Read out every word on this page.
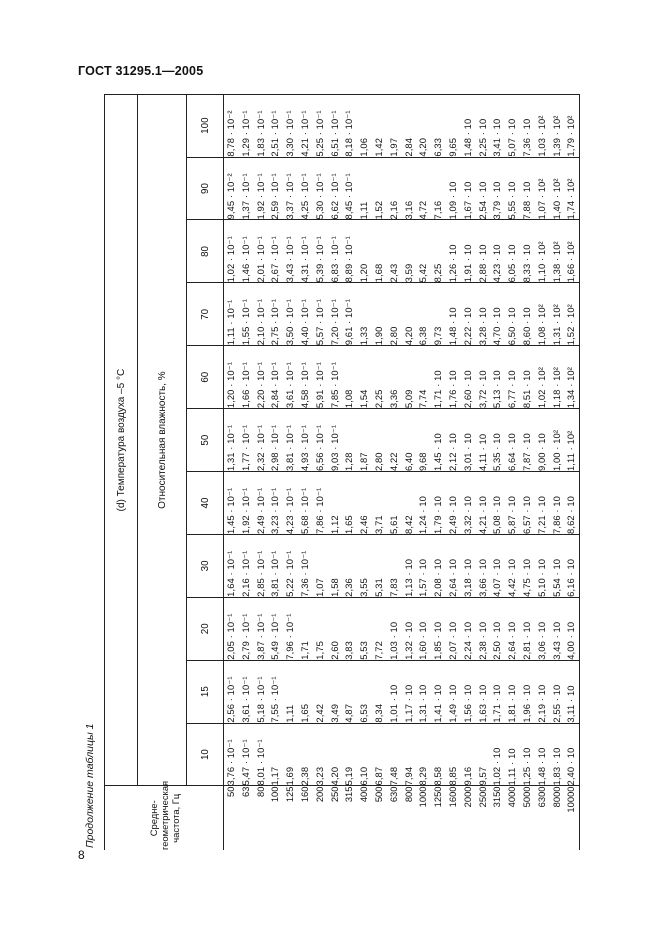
ГОСТ 31295.1—2005
Продолжение таблицы 1	Средне-геометрическая частота, Гц	(d) Температура воздуха –5 °С										
	Относительная влажность, %										
	10	15	20	30	40	50	60	70	80	90	100
50	3,76 · 10⁻¹	2,56 · 10⁻¹	2,05 · 10⁻¹	1,64 · 10⁻¹	1,45 · 10⁻¹	1,31 · 10⁻¹	1,20 · 10⁻¹	1,11 · 10⁻¹	1,02 · 10⁻¹	9,45 · 10⁻²	8,78 · 10⁻²
63	5,47 · 10⁻¹	3,61 · 10⁻¹	2,79 · 10⁻¹	2,16 · 10⁻¹	1,92 · 10⁻¹	1,77 · 10⁻¹	1,66 · 10⁻¹	1,55 · 10⁻¹	1,46 · 10⁻¹	1,37 · 10⁻¹	1,29 · 10⁻¹
80	8,01 · 10⁻¹	5,18 · 10⁻¹	3,87 · 10⁻¹	2,85 · 10⁻¹	2,49 · 10⁻¹	2,32 · 10⁻¹	2,20 · 10⁻¹	2,10 · 10⁻¹	2,01 · 10⁻¹	1,92 · 10⁻¹	1,83 · 10⁻¹
100	1,17	7,55 · 10⁻¹	5,49 · 10⁻¹	3,81 · 10⁻¹	3,23 · 10⁻¹	2,98 · 10⁻¹	2,84 · 10⁻¹	2,75 · 10⁻¹	2,67 · 10⁻¹	2,59 · 10⁻¹	2,51 · 10⁻¹
125	1,69	1,11	7,96 · 10⁻¹	5,22 · 10⁻¹	4,23 · 10⁻¹	3,81 · 10⁻¹	3,61 · 10⁻¹	3,50 · 10⁻¹	3,43 · 10⁻¹	3,37 · 10⁻¹	3,30 · 10⁻¹
160	2,38	1,65	1,71	7,36 · 10⁻¹	5,68 · 10⁻¹	4,93 · 10⁻¹	4,58 · 10⁻¹	4,40 · 10⁻¹	4,31 · 10⁻¹	4,25 · 10⁻¹	4,21 · 10⁻¹
200	3,23	2,42	1,75	1,07	7,86 · 10⁻¹	6,56 · 10⁻¹	5,91 · 10⁻¹	5,57 · 10⁻¹	5,39 · 10⁻¹	5,30 · 10⁻¹	5,25 · 10⁻¹
250	4,20	3,49	2,60	1,58	1,12	9,03 · 10⁻¹	7,85 · 10⁻¹	7,20 · 10⁻¹	6,83 · 10⁻¹	6,62 · 10⁻¹	6,51 · 10⁻¹
315	5,19	4,87	3,83	2,36	1,65	1,28	1,08	9,61 · 10⁻¹	8,89 · 10⁻¹	8,45 · 10⁻¹	8,18 · 10⁻¹
400	6,10	6,53	5,53	3,55	2,46	1,87	1,54	1,33	1,20	1,11	1,06
500	6,87	8,34	7,72	5,31	3,71	2,80	2,25	1,90	1,68	1,52	1,42
630	7,48	1,01 · 10	1,03 · 10	7,83	5,61	4,22	3,36	2,80	2,43	2,16	1,97
800	7,94	1,17 · 10	1,32 · 10	1,13 · 10	8,42	6,40	5,09	4,20	3,59	3,16	2,84
1000	8,29	1,31 · 10	1,60 · 10	1,57 · 10	1,24 · 10	9,68	7,74	6,38	5,42	4,72	4,20
1250	8,58	1,41 · 10	1,85 · 10	2,08 · 10	1,79 · 10	1,45 · 10	1,71 · 10	9,73	8,25	7,16	6,33
1600	8,85	1,49 · 10	2,07 · 10	2,64 · 10	2,49 · 10	2,12 · 10	1,76 · 10	1,48 · 10	1,26 · 10	1,09 · 10	9,65
2000	9,16	1,56 · 10	2,24 · 10	3,18 · 10	3,32 · 10	3,01 · 10	2,60 · 10	2,22 · 10	1,91 · 10	1,67 · 10	1,48 · 10
2500	9,57	1,63 · 10	2,38 · 10	3,66 · 10	4,21 · 10	4,11 · 10	3,72 · 10	3,28 · 10	2,88 · 10	2,54 · 10	2,25 · 10
3150	1,02 · 10	1,71 · 10	2,50 · 10	4,07 · 10	5,08 · 10	5,35 · 10	5,13 · 10	4,70 · 10	4,23 · 10	3,79 · 10	3,41 · 10
4000	1,11 · 10	1,81 · 10	2,64 · 10	4,42 · 10	5,87 · 10	6,64 · 10	6,77 · 10	6,50 · 10	6,05 · 10	5,55 · 10	5,07 · 10
5000	1,25 · 10	1,96 · 10	2,81 · 10	4,75 · 10	6,57 · 10	7,87 · 10	8,51 · 10	8,60 · 10	8,33 · 10	7,88 · 10	7,36 · 10
6300	1,48 · 10	2,19 · 10	3,06 · 10	5,10 · 10	7,21 · 10	9,00 · 10	1,02 · 10²	1,08 · 10²	1,10 · 10²	1,07 · 10²	1,03 · 10²
8000	1,83 · 10	2,55 · 10	3,43 · 10	5,54 · 10	7,86 · 10	1,00 · 10²	1,18 · 10²	1,31 · 10²	1,38 · 10²	1,40 · 10²	1,39 · 10²
10000	2,40 · 10	3,11 · 10	4,00 · 10	6,16 · 10	8,62 · 10	1,11 · 10²	1,34 · 10²	1,52 · 10²	1,66 · 10²	1,74 · 10²	1,79 · 10²
8
